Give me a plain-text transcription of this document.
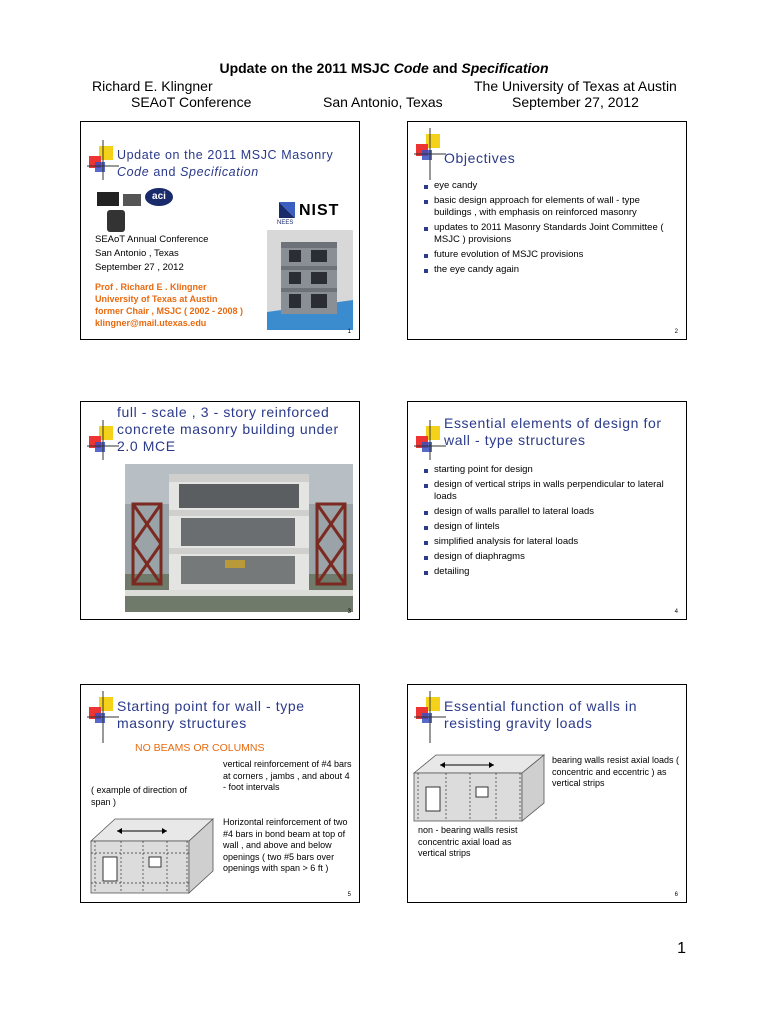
Update on the 2011 MSJC Code and Specification
Richard E. Klingner	The University of Texas at Austin
SEAoT Conference	San Antonio, Texas	September 27, 2012
Update on the 2011 MSJC Masonry
Code and Specification
aci
NEES
NIST
SEAoT Annual Conference
San Antonio , Texas
September 27 , 2012
Prof . Richard E . Klingner
University of Texas at Austin
former Chair , MSJC ( 2002 - 2008 )
klingner@mail.utexas.edu
1
Objectives
eye candy
basic design approach for elements of wall - type buildings , with emphasis on reinforced masonry
updates to 2011 Masonry Standards Joint Committee ( MSJC ) provisions
future evolution of MSJC provisions
the eye candy again
2
full - scale , 3 - story reinforced concrete masonry building under 2.0 MCE
3
Essential elements of design for wall - type structures
starting point for design
design of vertical strips in walls perpendicular to lateral loads
design of walls parallel to lateral loads
design of lintels
simplified analysis for lateral loads
design of diaphragms
detailing
4
Starting point for wall - type masonry structures
NO BEAMS OR COLUMNS
vertical reinforcement of #4 bars at corners , jambs , and about 4 - foot intervals
( example of direction of span )
Horizontal reinforcement of two #4 bars in bond beam at top of wall , and above and below openings ( two #5 bars over openings with span > 6 ft )
5
Essential function of walls in resisting gravity loads
bearing walls resist axial loads ( concentric and eccentric ) as vertical strips
non - bearing walls resist concentric axial load as vertical strips
6
1
